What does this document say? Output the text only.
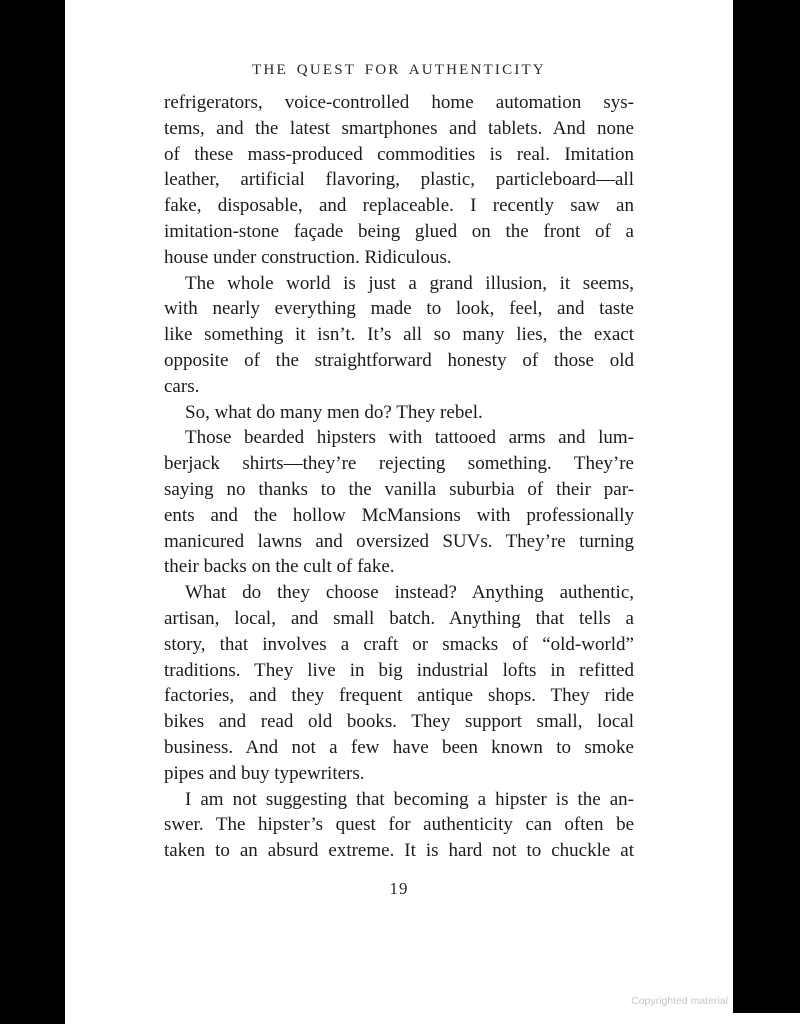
THE QUEST FOR AUTHENTICITY
refrigerators, voice-controlled home automation sys-
tems, and the latest smartphones and tablets. And none
of these mass-produced commodities is real. Imitation
leather, artificial flavoring, plastic, particleboard—all
fake, disposable, and replaceable. I recently saw an
imitation-stone façade being glued on the front of a
house under construction. Ridiculous.
The whole world is just a grand illusion, it seems,
with nearly everything made to look, feel, and taste
like something it isn’t. It’s all so many lies, the exact
opposite of the straightforward honesty of those old
cars.
So, what do many men do? They rebel.
Those bearded hipsters with tattooed arms and lum-
berjack shirts—they’re rejecting something. They’re
saying no thanks to the vanilla suburbia of their par-
ents and the hollow McMansions with professionally
manicured lawns and oversized SUVs. They’re turning
their backs on the cult of fake.
What do they choose instead? Anything authentic,
artisan, local, and small batch. Anything that tells a
story, that involves a craft or smacks of “old-world”
traditions. They live in big industrial lofts in refitted
factories, and they frequent antique shops. They ride
bikes and read old books. They support small, local
business. And not a few have been known to smoke
pipes and buy typewriters.
I am not suggesting that becoming a hipster is the an-
swer. The hipster’s quest for authenticity can often be
taken to an absurd extreme. It is hard not to chuckle at
19
Copyrighted material
